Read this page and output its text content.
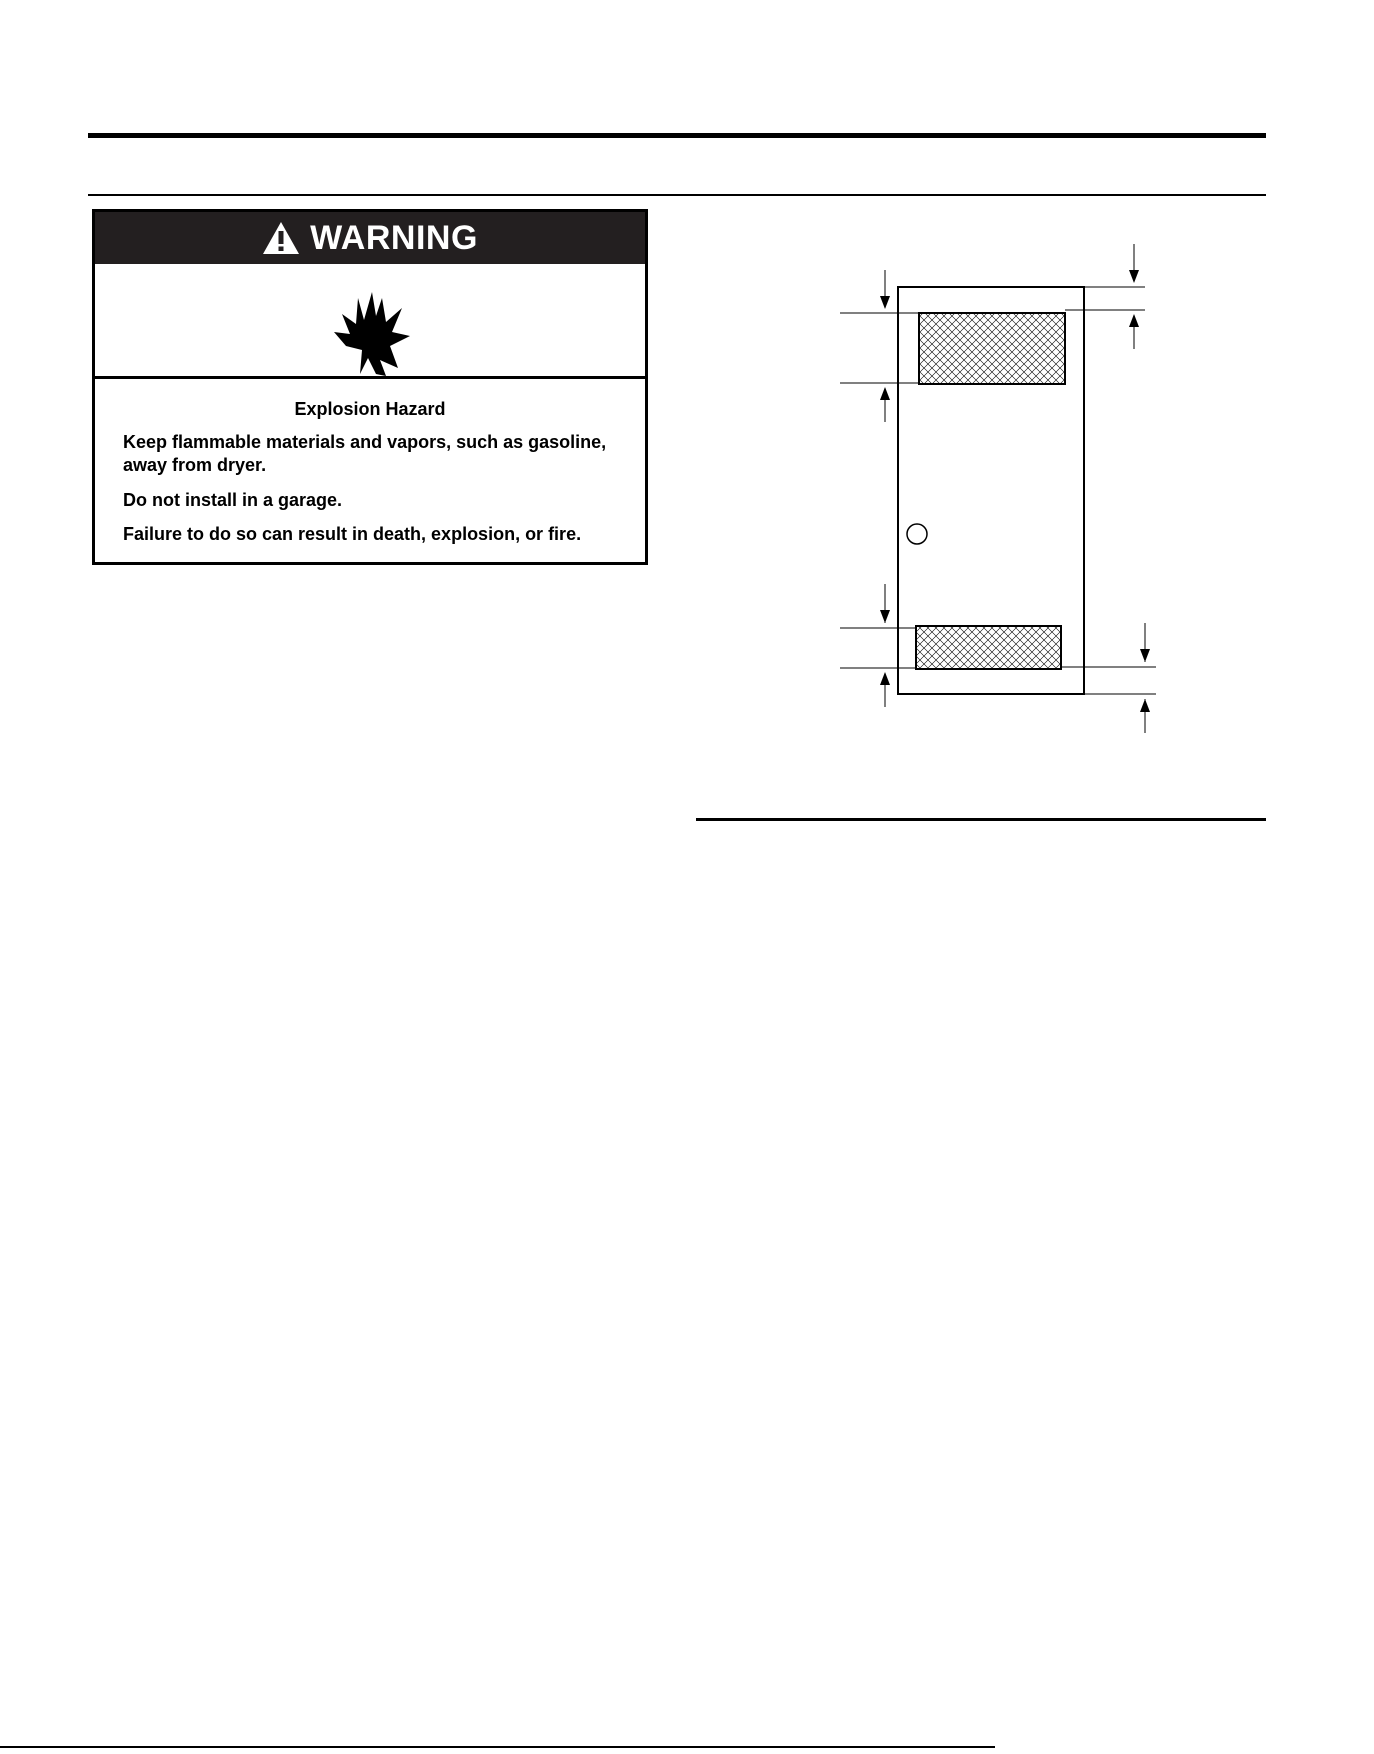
WARNING
Explosion Hazard

Keep flammable materials and vapors, such as gasoline, away from dryer.

Do not install in a garage.

Failure to do so can result in death, explosion, or fire.
